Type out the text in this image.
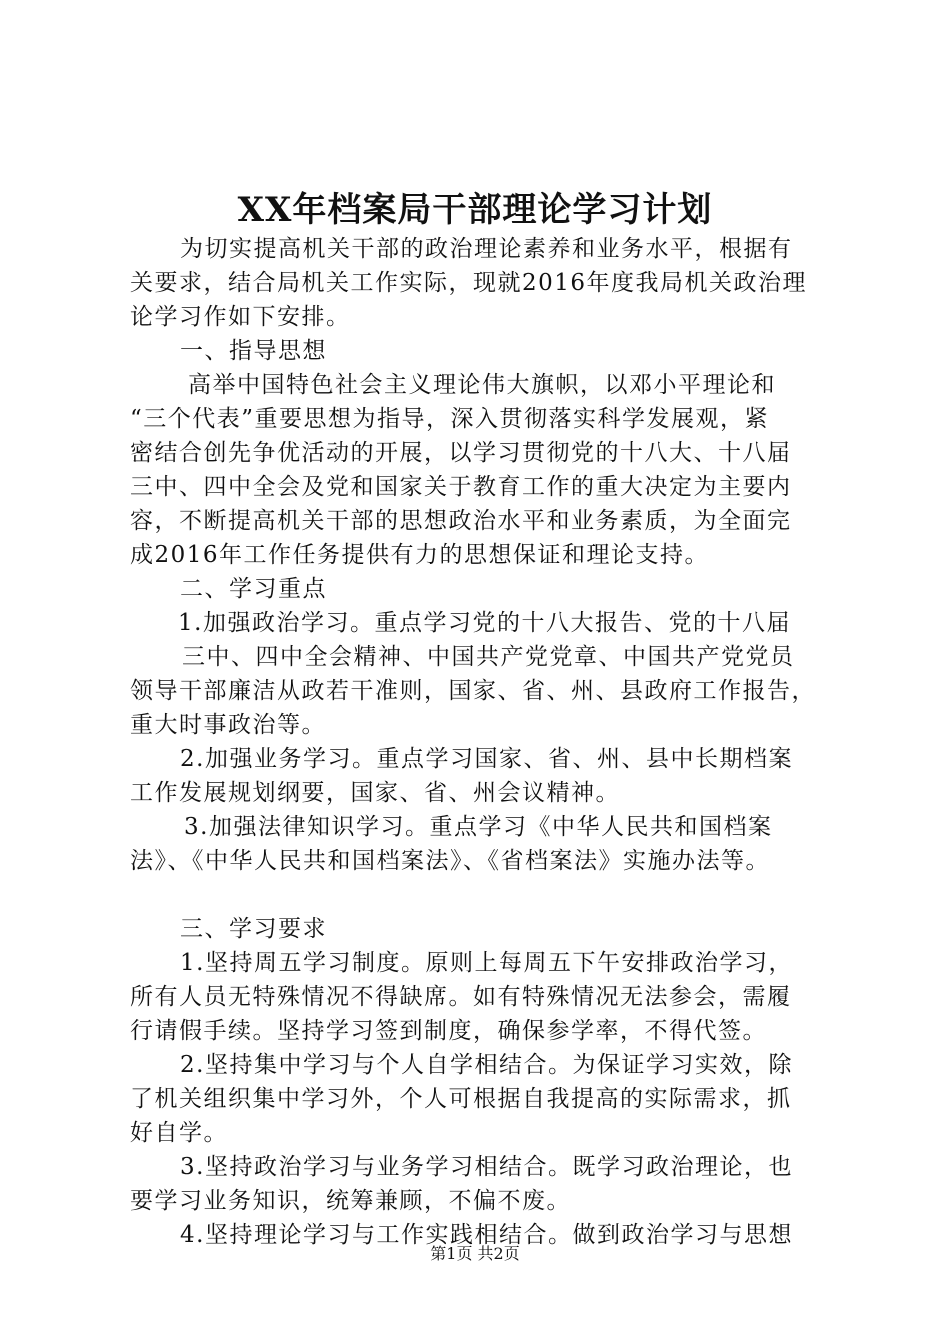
XX年档案局干部理论学习计划
为切实提高机关干部的政治理论素养和业务水平，根据有
关要求，结合局机关工作实际，现就2016年度我局机关政治理
论学习作如下安排。
一、指导思想
高举中国特色社会主义理论伟大旗帜，以邓小平理论和
“三个代表”重要思想为指导，深入贯彻落实科学发展观，紧
密结合创先争优活动的开展，以学习贯彻党的十八大、十八届
三中、四中全会及党和国家关于教育工作的重大决定为主要内
容，不断提高机关干部的思想政治水平和业务素质，为全面完
成2016年工作任务提供有力的思想保证和理论支持。
二、学习重点
1.加强政治学习。重点学习党的十八大报告、党的十八届
三中、四中全会精神、中国共产党党章、中国共产党党员
领导干部廉洁从政若干准则，国家、省、州、县政府工作报告，
重大时事政治等。
2.加强业务学习。重点学习国家、省、州、县中长期档案
工作发展规划纲要，国家、省、州会议精神。
3.加强法律知识学习。重点学习《中华人民共和国档案
法》、《中华人民共和国档案法》、《省档案法》实施办法等。
三、学习要求
1.坚持周五学习制度。原则上每周五下午安排政治学习，
所有人员无特殊情况不得缺席。如有特殊情况无法参会，需履
行请假手续。坚持学习签到制度，确保参学率，不得代签。
2.坚持集中学习与个人自学相结合。为保证学习实效，除
了机关组织集中学习外，个人可根据自我提高的实际需求，抓
好自学。
3.坚持政治学习与业务学习相结合。既学习政治理论，也
要学习业务知识，统筹兼顾，不偏不废。
4.坚持理论学习与工作实践相结合。做到政治学习与思想
第1页 共2页
